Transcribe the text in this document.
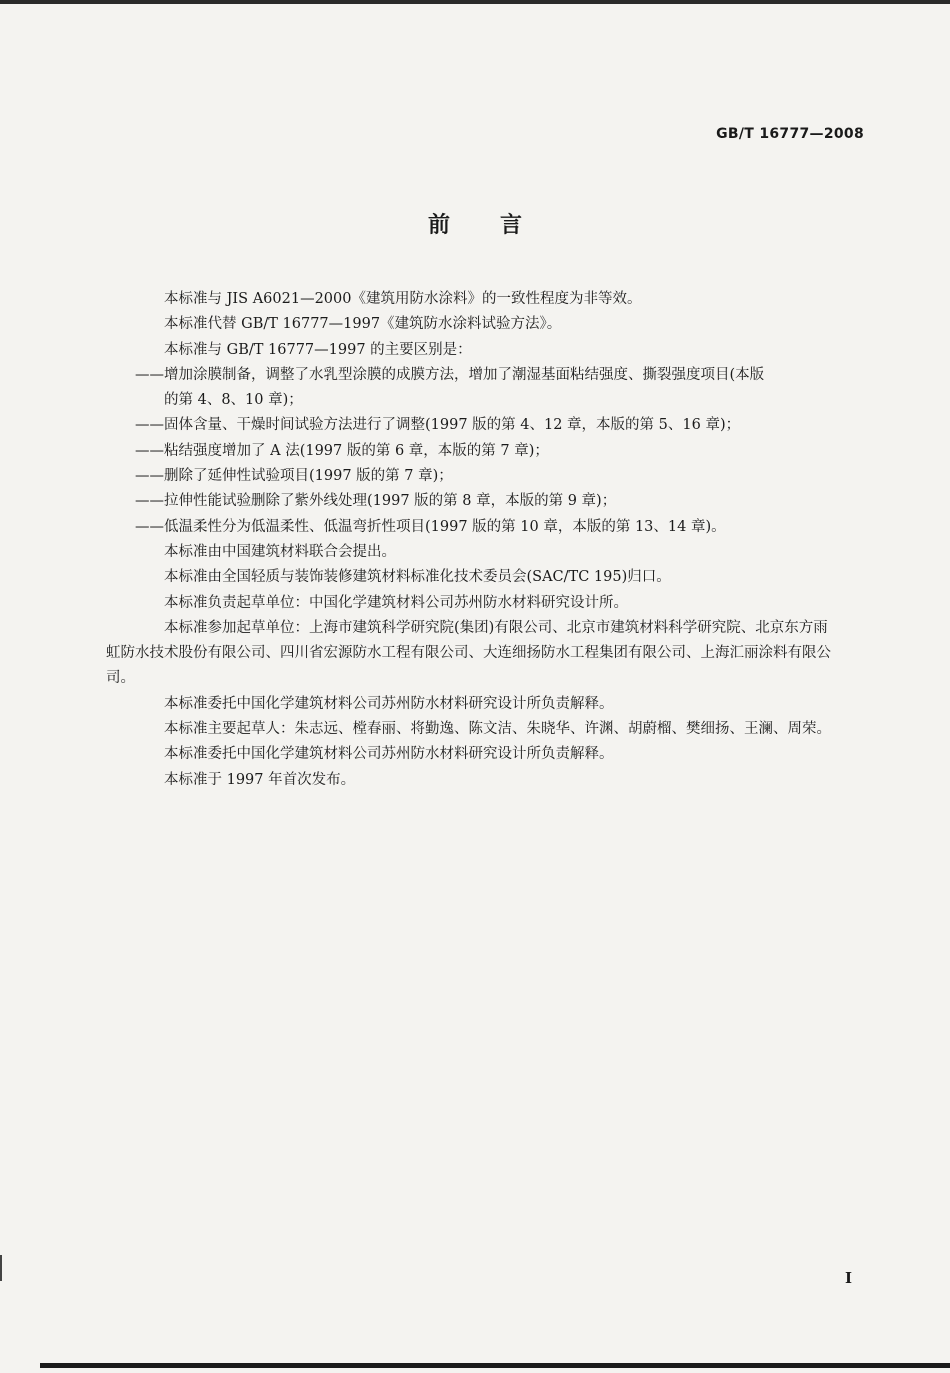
GB/T 16777—2008
前言

本标准与 JIS A6021—2000《建筑用防水涂料》的一致性程度为非等效。

本标准代替 GB/T 16777—1997《建筑防水涂料试验方法》。

本标准与 GB/T 16777—1997 的主要区别是：

——增加涂膜制备，调整了水乳型涂膜的成膜方法，增加了潮湿基面粘结强度、撕裂强度项目(本版

的第 4、8、10 章)；

——固体含量、干燥时间试验方法进行了调整(1997 版的第 4、12 章，本版的第 5、16 章)；

——粘结强度增加了 A 法(1997 版的第 6 章，本版的第 7 章)；

——删除了延伸性试验项目(1997 版的第 7 章)；

——拉伸性能试验删除了紫外线处理(1997 版的第 8 章，本版的第 9 章)；

——低温柔性分为低温柔性、低温弯折性项目(1997 版的第 10 章，本版的第 13、14 章)。

本标准由中国建筑材料联合会提出。

本标准由全国轻质与装饰装修建筑材料标准化技术委员会(SAC/TC 195)归口。

本标准负责起草单位：中国化学建筑材料公司苏州防水材料研究设计所。

本标准参加起草单位：上海市建筑科学研究院(集团)有限公司、北京市建筑材料科学研究院、北京东方雨虹防水技术股份有限公司、四川省宏源防水工程有限公司、大连细扬防水工程集团有限公司、上海汇丽涂料有限公司。

本标准委托中国化学建筑材料公司苏州防水材料研究设计所负责解释。

本标准主要起草人：朱志远、樘春丽、将勤逸、陈文洁、朱晓华、许渊、胡蔚榴、樊细扬、王澜、周荣。

本标准委托中国化学建筑材料公司苏州防水材料研究设计所负责解释。

本标准于 1997 年首次发布。

I
